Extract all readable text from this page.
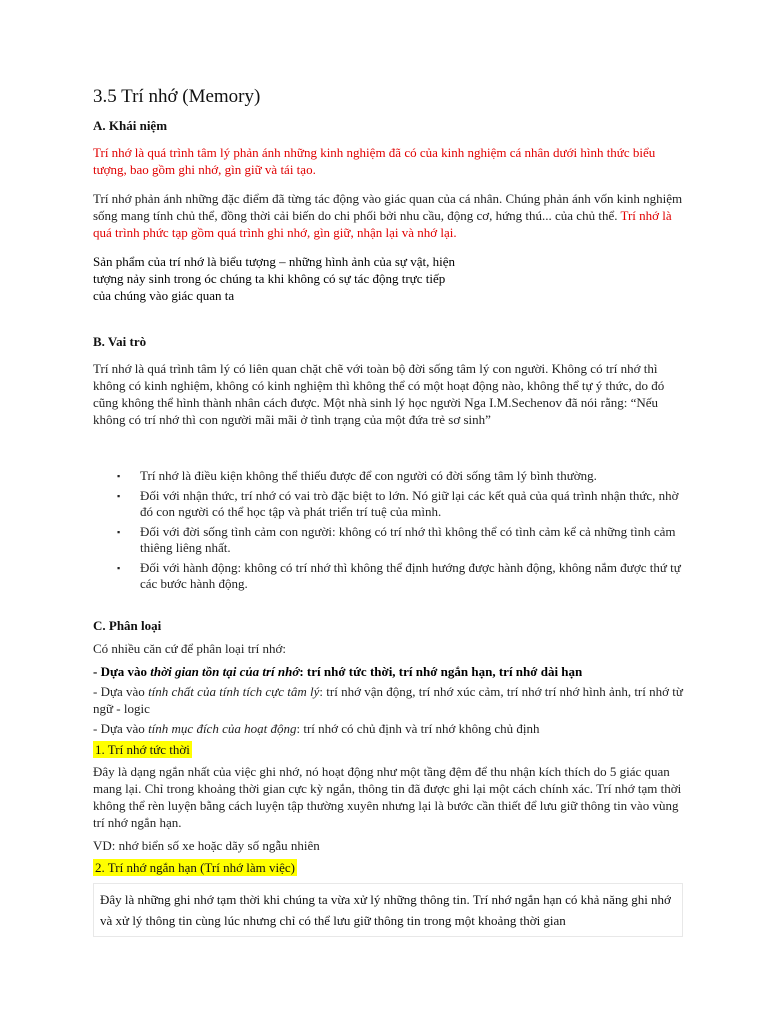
3.5 Trí nhớ (Memory)
A. Khái niệm

Trí nhớ là quá trình tâm lý phản ánh những kinh nghiệm đã có của kinh nghiệm cá nhân dưới hình thức biểu tượng, bao gồm ghi nhớ, gìn giữ và tái tạo.

Trí nhớ phản ánh những đặc điểm đã từng tác động vào giác quan của cá nhân. Chúng phản ánh vốn kinh nghiệm sống mang tính chủ thể, đồng thời cải biến do chi phối bởi nhu cầu, động cơ, hứng thú... của chủ thể. Trí nhớ là quá trình phức tạp gồm quá trình ghi nhớ, gìn giữ, nhận lại và nhớ lại.

Sản phẩm của trí nhớ là biểu tượng – những hình ảnh của sự vật, hiện tượng nảy sinh trong óc chúng ta khi không có sự tác động trực tiếp của chúng vào giác quan ta

B. Vai trò

Trí nhớ là quá trình tâm lý có liên quan chặt chẽ với toàn bộ đời sống tâm lý con người. Không có trí nhớ thì không có kinh nghiệm, không có kinh nghiệm thì không thể có một hoạt động nào, không thể tự ý thức, do đó cũng không thể hình thành nhân cách được. Một nhà sinh lý học người Nga I.M.Sechenov đã nói rằng: “Nếu không có trí nhớ thì con người mãi mãi ở tình trạng của một đứa trẻ sơ sinh”

▪ Trí nhớ là điều kiện không thể thiếu được để con người có đời sống tâm lý bình thường.
▪ Đối với nhận thức, trí nhớ có vai trò đặc biệt to lớn. Nó giữ lại các kết quả của quá trình nhận thức, nhờ đó con người có thể học tập và phát triển trí tuệ của mình.
▪ Đối với đời sống tình cảm con người: không có trí nhớ thì không thể có tình cảm kể cả những tình cảm thiêng liêng nhất.
▪ Đối với hành động: không có trí nhớ thì không thể định hướng được hành động, không nắm được thứ tự các bước hành động.
C. Phân loại

Có nhiều căn cứ để phân loại trí nhớ:

- Dựa vào thời gian tồn tại của trí nhớ: trí nhớ tức thời, trí nhớ ngắn hạn, trí nhớ dài hạn

- Dựa vào tính chất của tính tích cực tâm lý: trí nhớ vận động, trí nhớ xúc cảm, trí nhớ trí nhớ hình ảnh, trí nhớ từ ngữ - logic

- Dựa vào tính mục đích của hoạt động: trí nhớ có chủ định và trí nhớ không chủ định

1. Trí nhớ tức thời

Đây là dạng ngắn nhất của việc ghi nhớ, nó hoạt động như một tầng đệm để thu nhận kích thích do 5 giác quan mang lại. Chỉ trong khoảng thời gian cực kỳ ngắn, thông tin đã được ghi lại một cách chính xác. Trí nhớ tạm thời không thể rèn luyện bằng cách luyện tập thường xuyên nhưng lại là bước cần thiết để lưu giữ thông tin vào vùng trí nhớ ngắn hạn.

VD: nhớ biển số xe hoặc dãy số ngẫu nhiên

2. Trí nhớ ngắn hạn (Trí nhớ làm việc)
Đây là những ghi nhớ tạm thời khi chúng ta vừa xử lý những thông tin. Trí nhớ ngắn hạn có khả năng ghi nhớ và xử lý thông tin cùng lúc nhưng chỉ có thể lưu giữ thông tin trong một khoảng thời gian
